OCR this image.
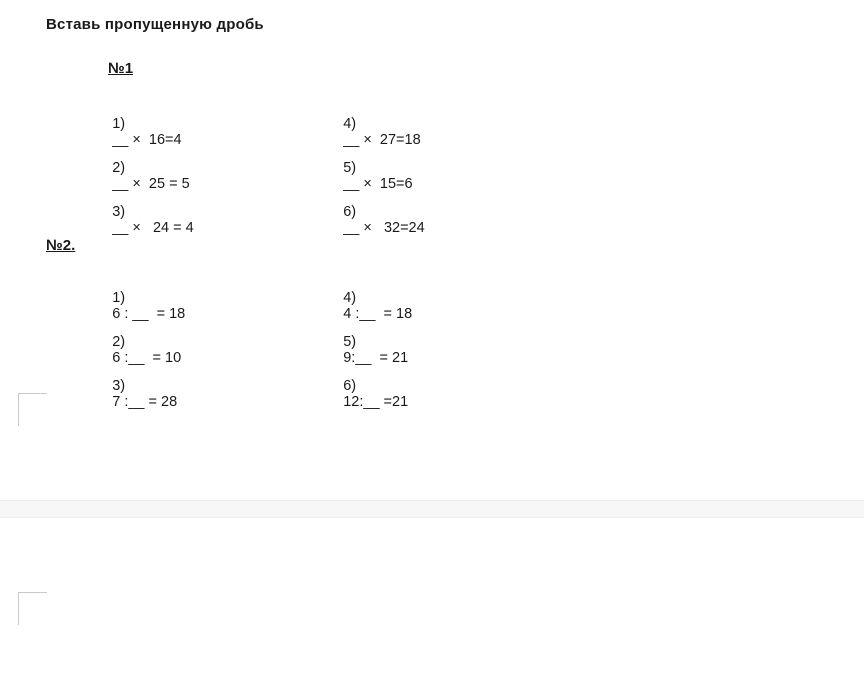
Вставь пропущенную дробь
№1

1)
__ ×  16=4

4)
__ ×  27=18

2)
__ ×  25 = 5

5)
__ ×  15=6

3)
__ ×   24 = 4

6)
__ ×   32=24

№2.

1)
6 : __  = 18

4)
4 :__  = 18

2)
6 :__  = 10

5)
9:__  = 21

3)
7 :__ = 28

6)
12:__ =21
